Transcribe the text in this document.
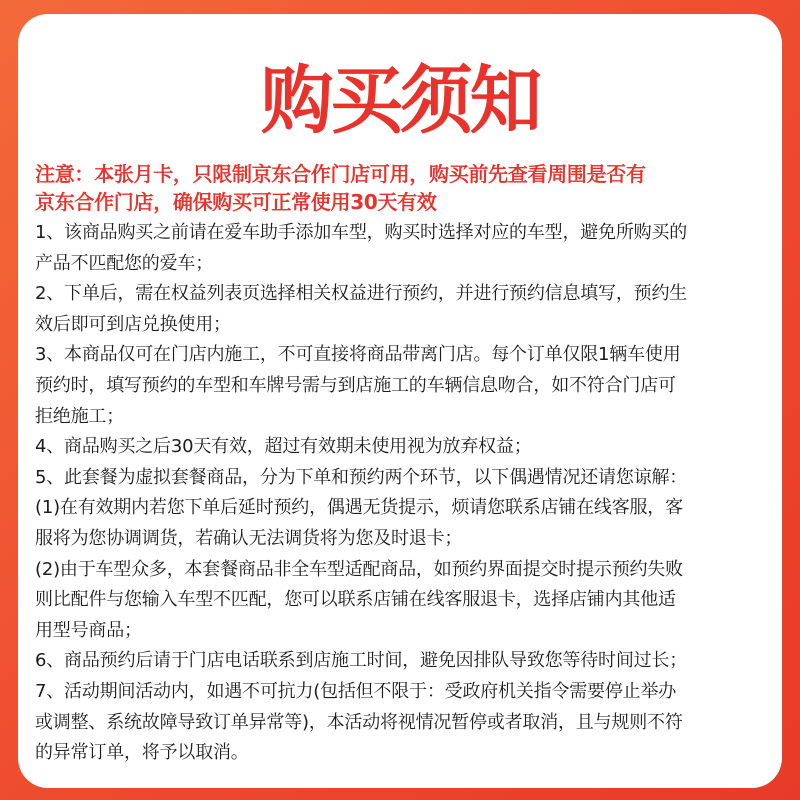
购买须知
注意：本张月卡，只限制京东合作门店可用，购买前先查看周围是否有
京东合作门店，确保购买可正常使用30天有效
1、该商品购买之前请在爱车助手添加车型，购买时选择对应的车型，避免所购买的
产品不匹配您的爱车；
2、下单后，需在权益列表页选择相关权益进行预约，并进行预约信息填写，预约生
效后即可到店兑换使用；
3、本商品仅可在门店内施工，不可直接将商品带离门店。每个订单仅限1辆车使用
预约时，填写预约的车型和车牌号需与到店施工的车辆信息吻合，如不符合门店可
拒绝施工；
4、商品购买之后30天有效，超过有效期未使用视为放弃权益；
5、此套餐为虚拟套餐商品，分为下单和预约两个环节，以下偶遇情况还请您谅解：
(1)在有效期内若您下单后延时预约，偶遇无货提示，烦请您联系店铺在线客服，客
服将为您协调调货，若确认无法调货将为您及时退卡；
(2)由于车型众多，本套餐商品非全车型适配商品，如预约界面提交时提示预约失败
则比配件与您输入车型不匹配，您可以联系店铺在线客服退卡，选择店铺内其他适
用型号商品；
6、商品预约后请于门店电话联系到店施工时间，避免因排队导致您等待时间过长；
7、活动期间活动内，如遇不可抗力(包括但不限于：受政府机关指令需要停止举办
或调整、系统故障导致订单异常等)，本活动将视情况暂停或者取消，且与规则不符
的异常订单，将予以取消。
